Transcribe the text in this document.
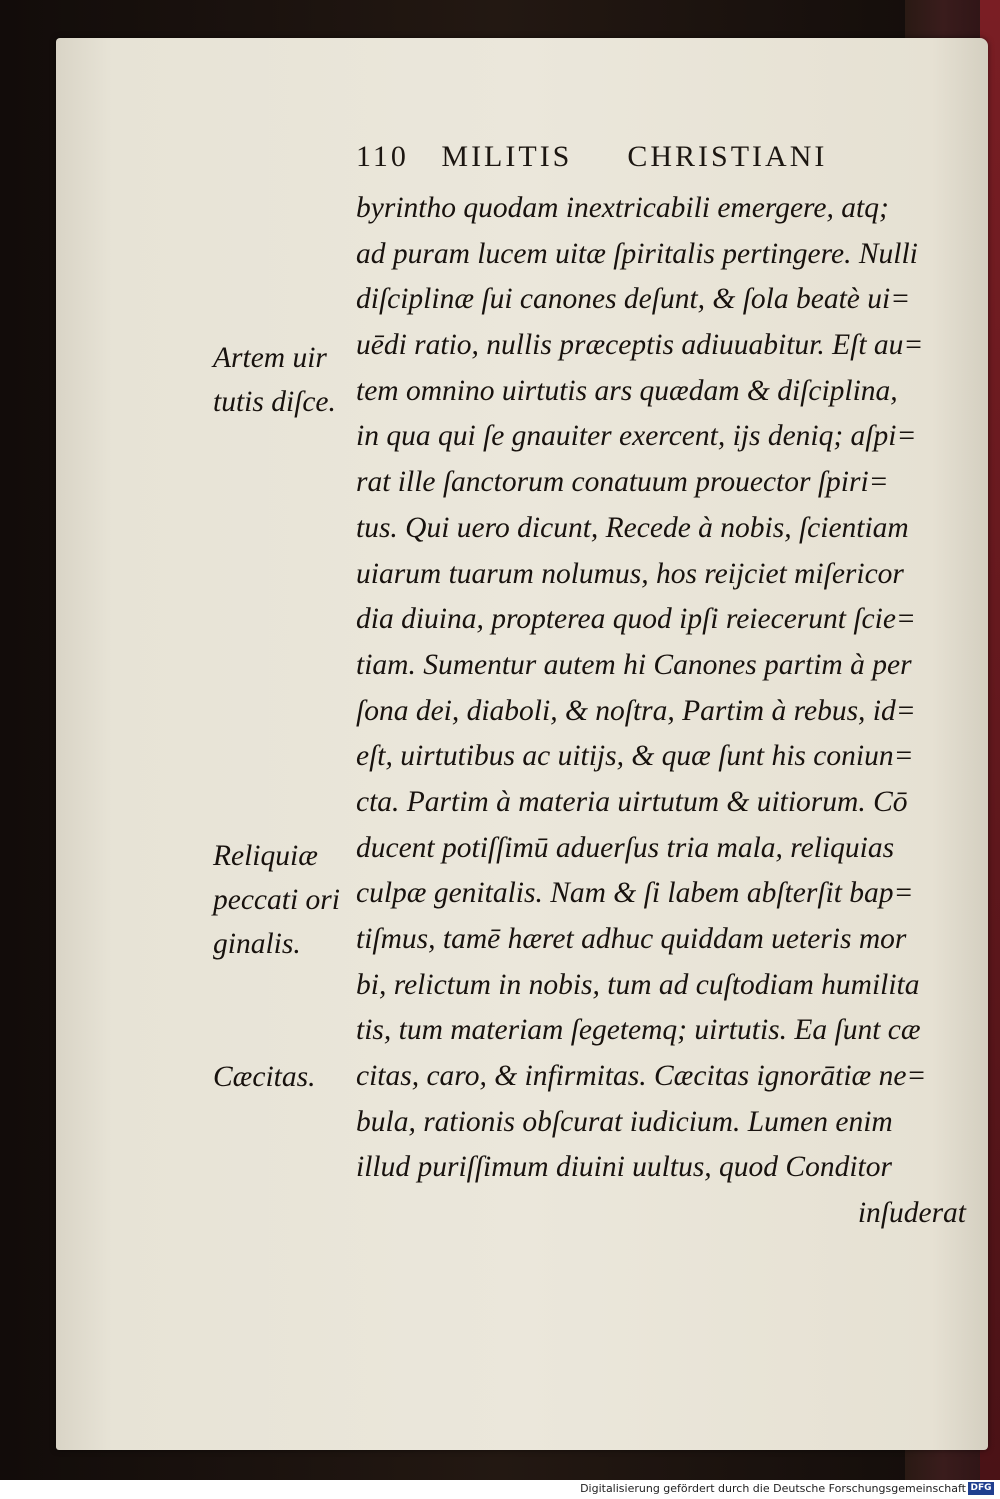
110 MILITIS CHRISTIANI
byrintho quodam inextricabili emergere, atq;
ad puram lucem uitæ ſpiritalis pertingere. Nulli
diſciplinæ ſui canones deſunt, & ſola beatè ui=
uēdi ratio, nullis præceptis adiuuabitur. Eſt au=
tem omnino uirtutis ars quædam & diſciplina,
in qua qui ſe gnauiter exercent, ijs deniq; aſpi=
rat ille ſanctorum conatuum prouector ſpiri=
tus. Qui uero dicunt, Recede à nobis, ſcientiam
uiarum tuarum nolumus, hos reijciet miſericor
dia diuina, propterea quod ipſi reiecerunt ſcie=
tiam. Sumentur autem hi Canones partim à per
ſona dei, diaboli, & noſtra, Partim à rebus, id=
eſt, uirtutibus ac uitijs, & quæ ſunt his coniun=
cta. Partim à materia uirtutum & uitiorum. Cō
ducent potiſſimū aduerſus tria mala, reliquias
culpæ genitalis. Nam & ſi labem abſterſit bap=
tiſmus, tamē hæret adhuc quiddam ueteris mor
bi, relictum in nobis, tum ad cuſtodiam humilita
tis, tum materiam ſegetemq; uirtutis. Ea ſunt cæ
citas, caro, & infirmitas. Cæcitas ignorātiæ ne=
bula, rationis obſcurat iudicium. Lumen enim
illud puriſſimum diuini uultus, quod Conditor
inſuderat
Artem uir
tutis diſce.
Reliquiæ
peccati ori
ginalis.
Cæcitas.
Digitalisierung gefördert durch die Deutsche Forschungsgemeinschaft DFG
